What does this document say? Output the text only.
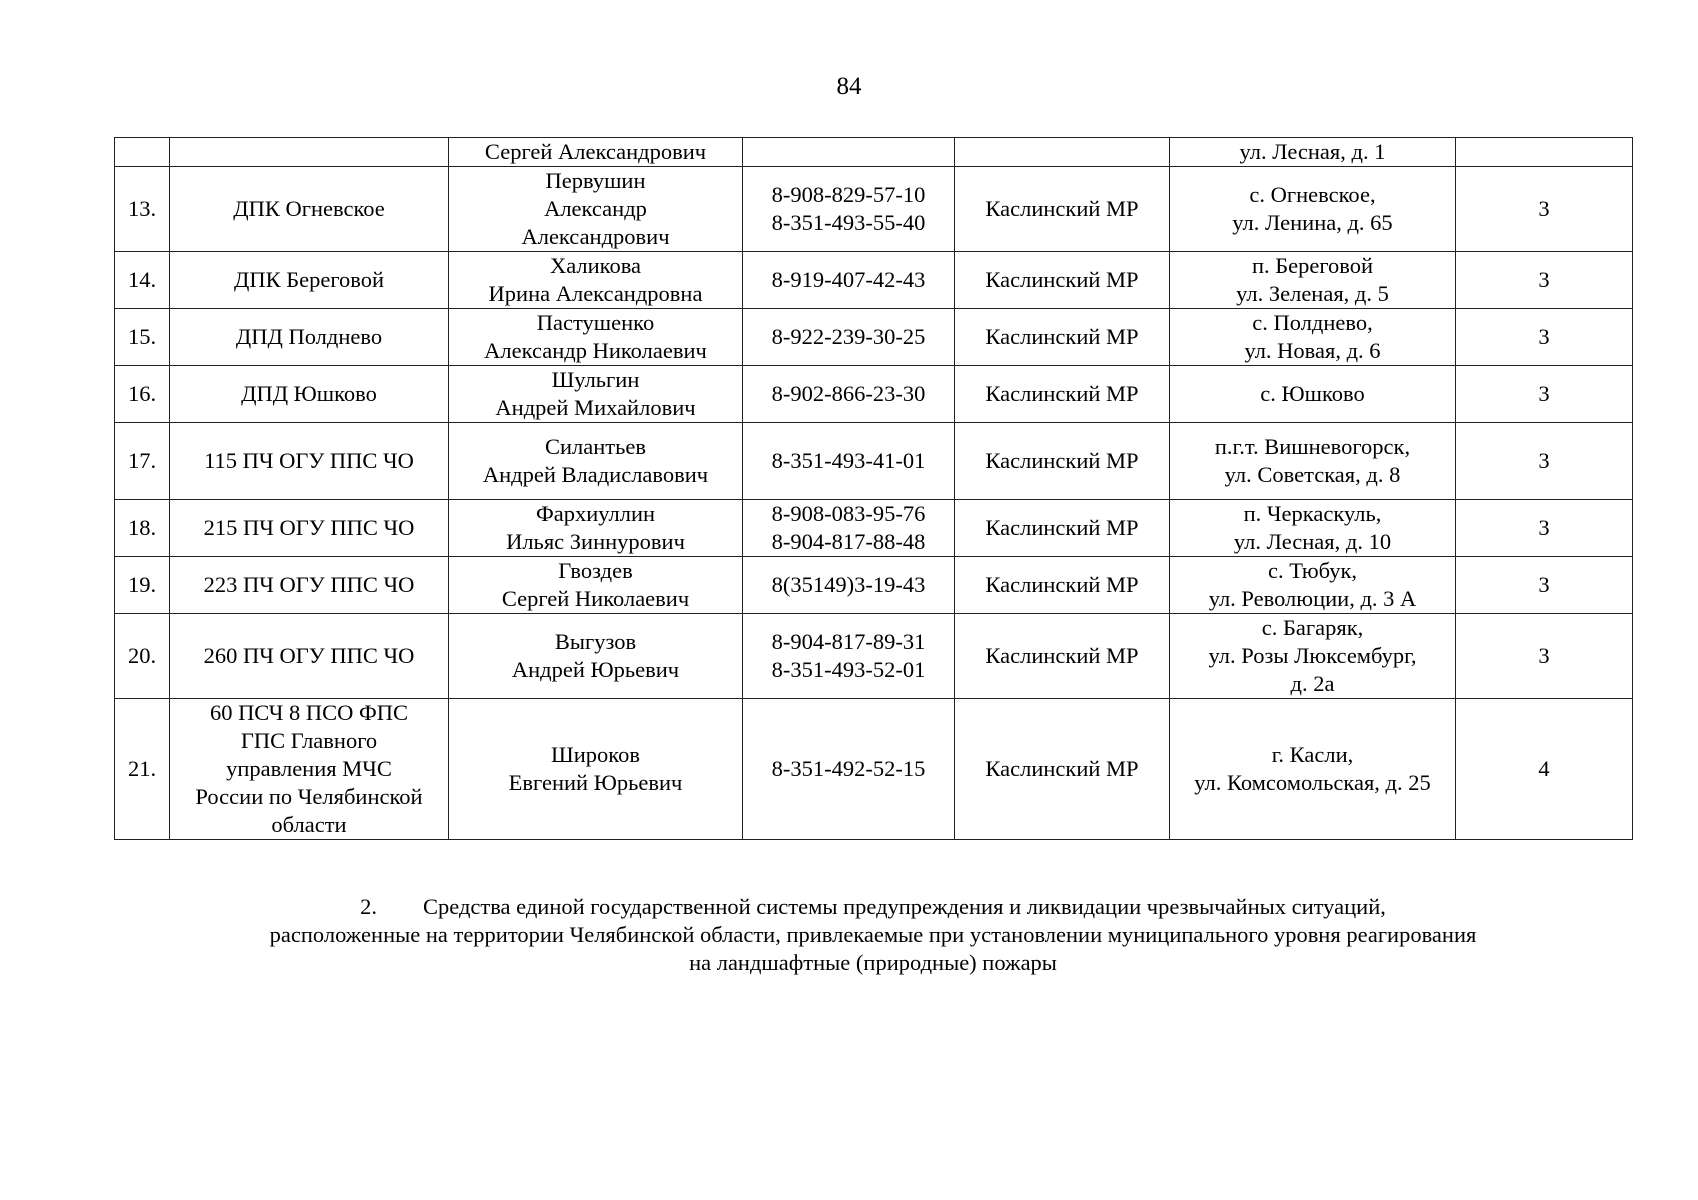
84

		Сергей Александрович			ул. Лесная, д. 1	

13.	ДПК Огневское	Первушин
Александр
Александрович	8-908-829-57-10
8-351-493-55-40	Каслинский МР	с. Огневское,
ул. Ленина, д. 65	3

14.	ДПК Береговой	Халикова
Ирина Александровна	8-919-407-42-43	Каслинский МР	п. Береговой
ул. Зеленая, д. 5	3

15.	ДПД Полднево	Пастушенко
Александр Николаевич	8-922-239-30-25	Каслинский МР	с. Полднево,
ул. Новая, д. 6	3

16.	ДПД Юшково	Шульгин
Андрей Михайлович	8-902-866-23-30	Каслинский МР	с. Юшково	3

17.	115 ПЧ ОГУ ППС ЧО	Силантьев
Андрей Владиславович	8-351-493-41-01	Каслинский МР	п.г.т. Вишневогорск,
ул. Советская, д. 8	3

18.	215 ПЧ ОГУ ППС ЧО	Фархиуллин
Ильяс Зиннурович	8-908-083-95-76
8-904-817-88-48	Каслинский МР	п. Черкаскуль,
ул. Лесная, д. 10	3

19.	223 ПЧ ОГУ ППС ЧО	Гвоздев
Сергей Николаевич	8(35149)3-19-43	Каслинский МР	с. Тюбук,
ул. Революции, д. 3 А	3

20.	260 ПЧ ОГУ ППС ЧО	Выгузов
Андрей Юрьевич	8-904-817-89-31
8-351-493-52-01	Каслинский МР	с. Багаряк,
ул. Розы Люксембург,
д. 2а	3

21.	60 ПСЧ 8 ПСО ФПС
ГПС Главного
управления МЧС
России по Челябинской
области	Широков
Евгений Юрьевич	8-351-492-52-15	Каслинский МР	г. Касли,
ул. Комсомольская, д. 25	4
2. Средства единой государственной системы предупреждения и ликвидации чрезвычайных ситуаций,
расположенные на территории Челябинской области, привлекаемые при установлении муниципального уровня реагирования
на ландшафтные (природные) пожары
